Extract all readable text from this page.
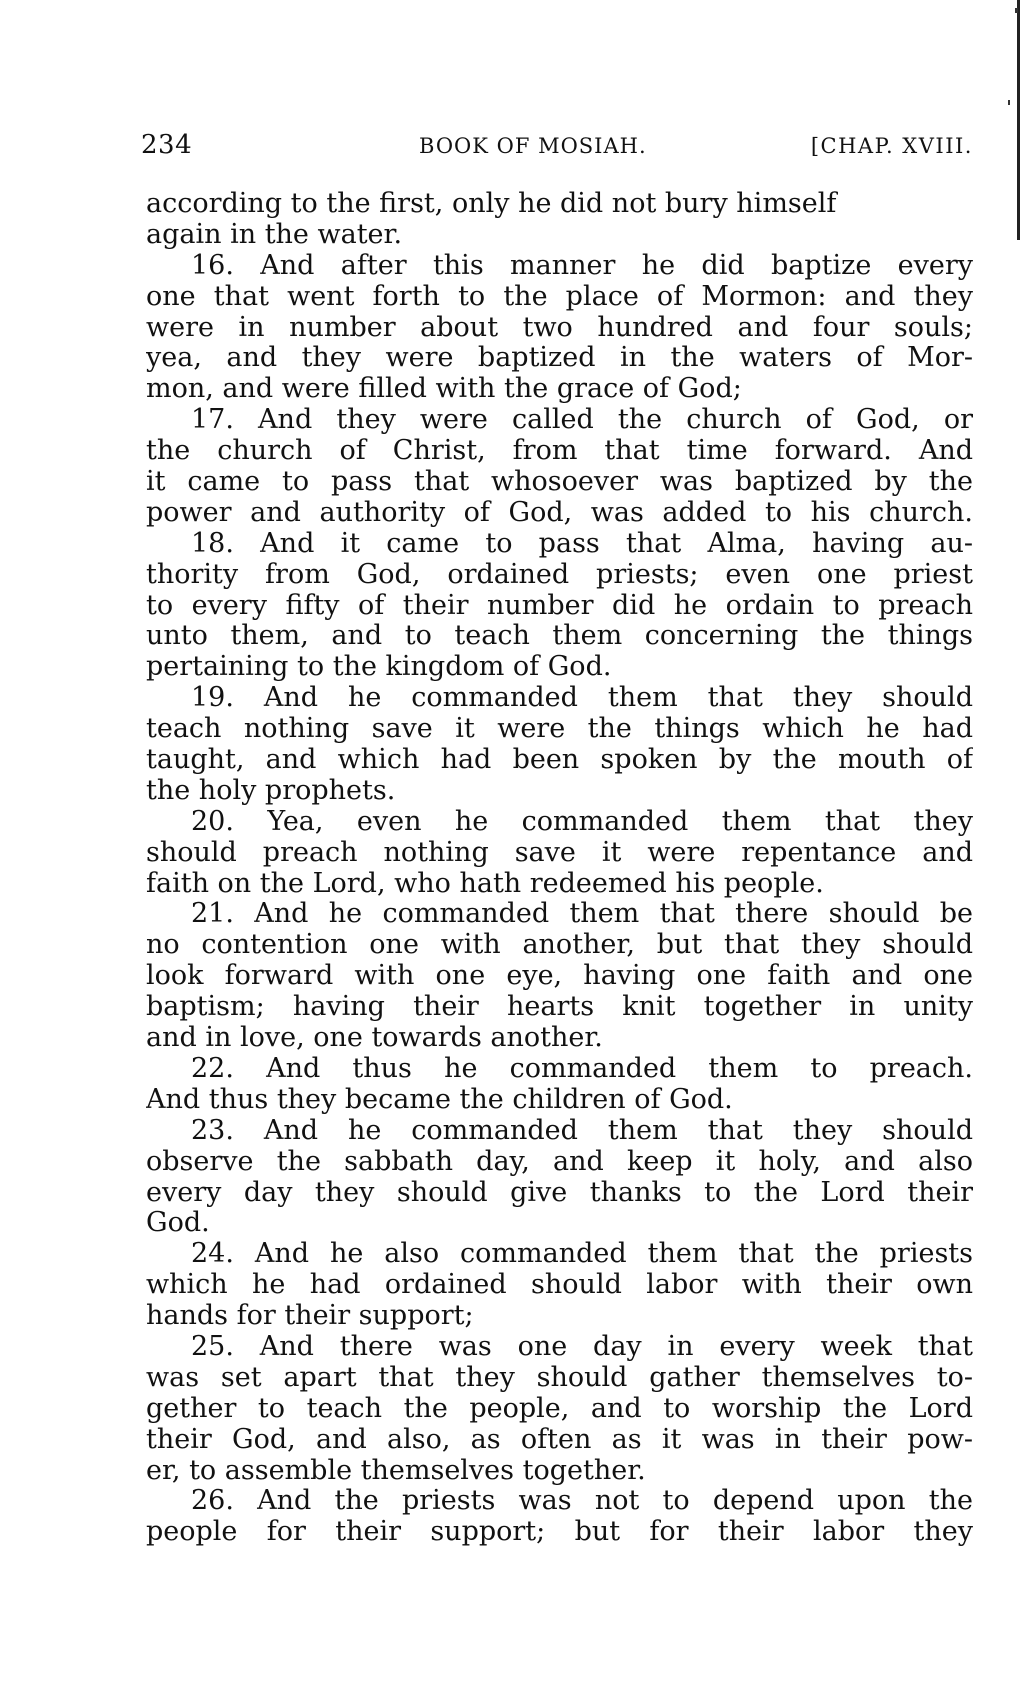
234	BOOK OF MOSIAH.	[CHAP. XVIII.
according to the first, only he did not bury himself
again in the water.
16. And after this manner he did baptize every
one that went forth to the place of Mormon: and they
were in number about two hundred and four souls;
yea, and they were baptized in the waters of Mor-
mon, and were filled with the grace of God;
17. And they were called the church of God, or
the church of Christ, from that time forward. And
it came to pass that whosoever was baptized by the
power and authority of God, was added to his church.
18. And it came to pass that Alma, having au-
thority from God, ordained priests; even one priest
to every fifty of their number did he ordain to preach
unto them, and to teach them concerning the things
pertaining to the kingdom of God.
19. And he commanded them that they should
teach nothing save it were the things which he had
taught, and which had been spoken by the mouth of
the holy prophets.
20. Yea, even he commanded them that they
should preach nothing save it were repentance and
faith on the Lord, who hath redeemed his people.
21. And he commanded them that there should be
no contention one with another, but that they should
look forward with one eye, having one faith and one
baptism; having their hearts knit together in unity
and in love, one towards another.
22. And thus he commanded them to preach.
And thus they became the children of God.
23. And he commanded them that they should
observe the sabbath day, and keep it holy, and also
every day they should give thanks to the Lord their
God.
24. And he also commanded them that the priests
which he had ordained should labor with their own
hands for their support;
25. And there was one day in every week that
was set apart that they should gather themselves to-
gether to teach the people, and to worship the Lord
their God, and also, as often as it was in their pow-
er, to assemble themselves together.
26. And the priests was not to depend upon the
people for their support; but for their labor they
